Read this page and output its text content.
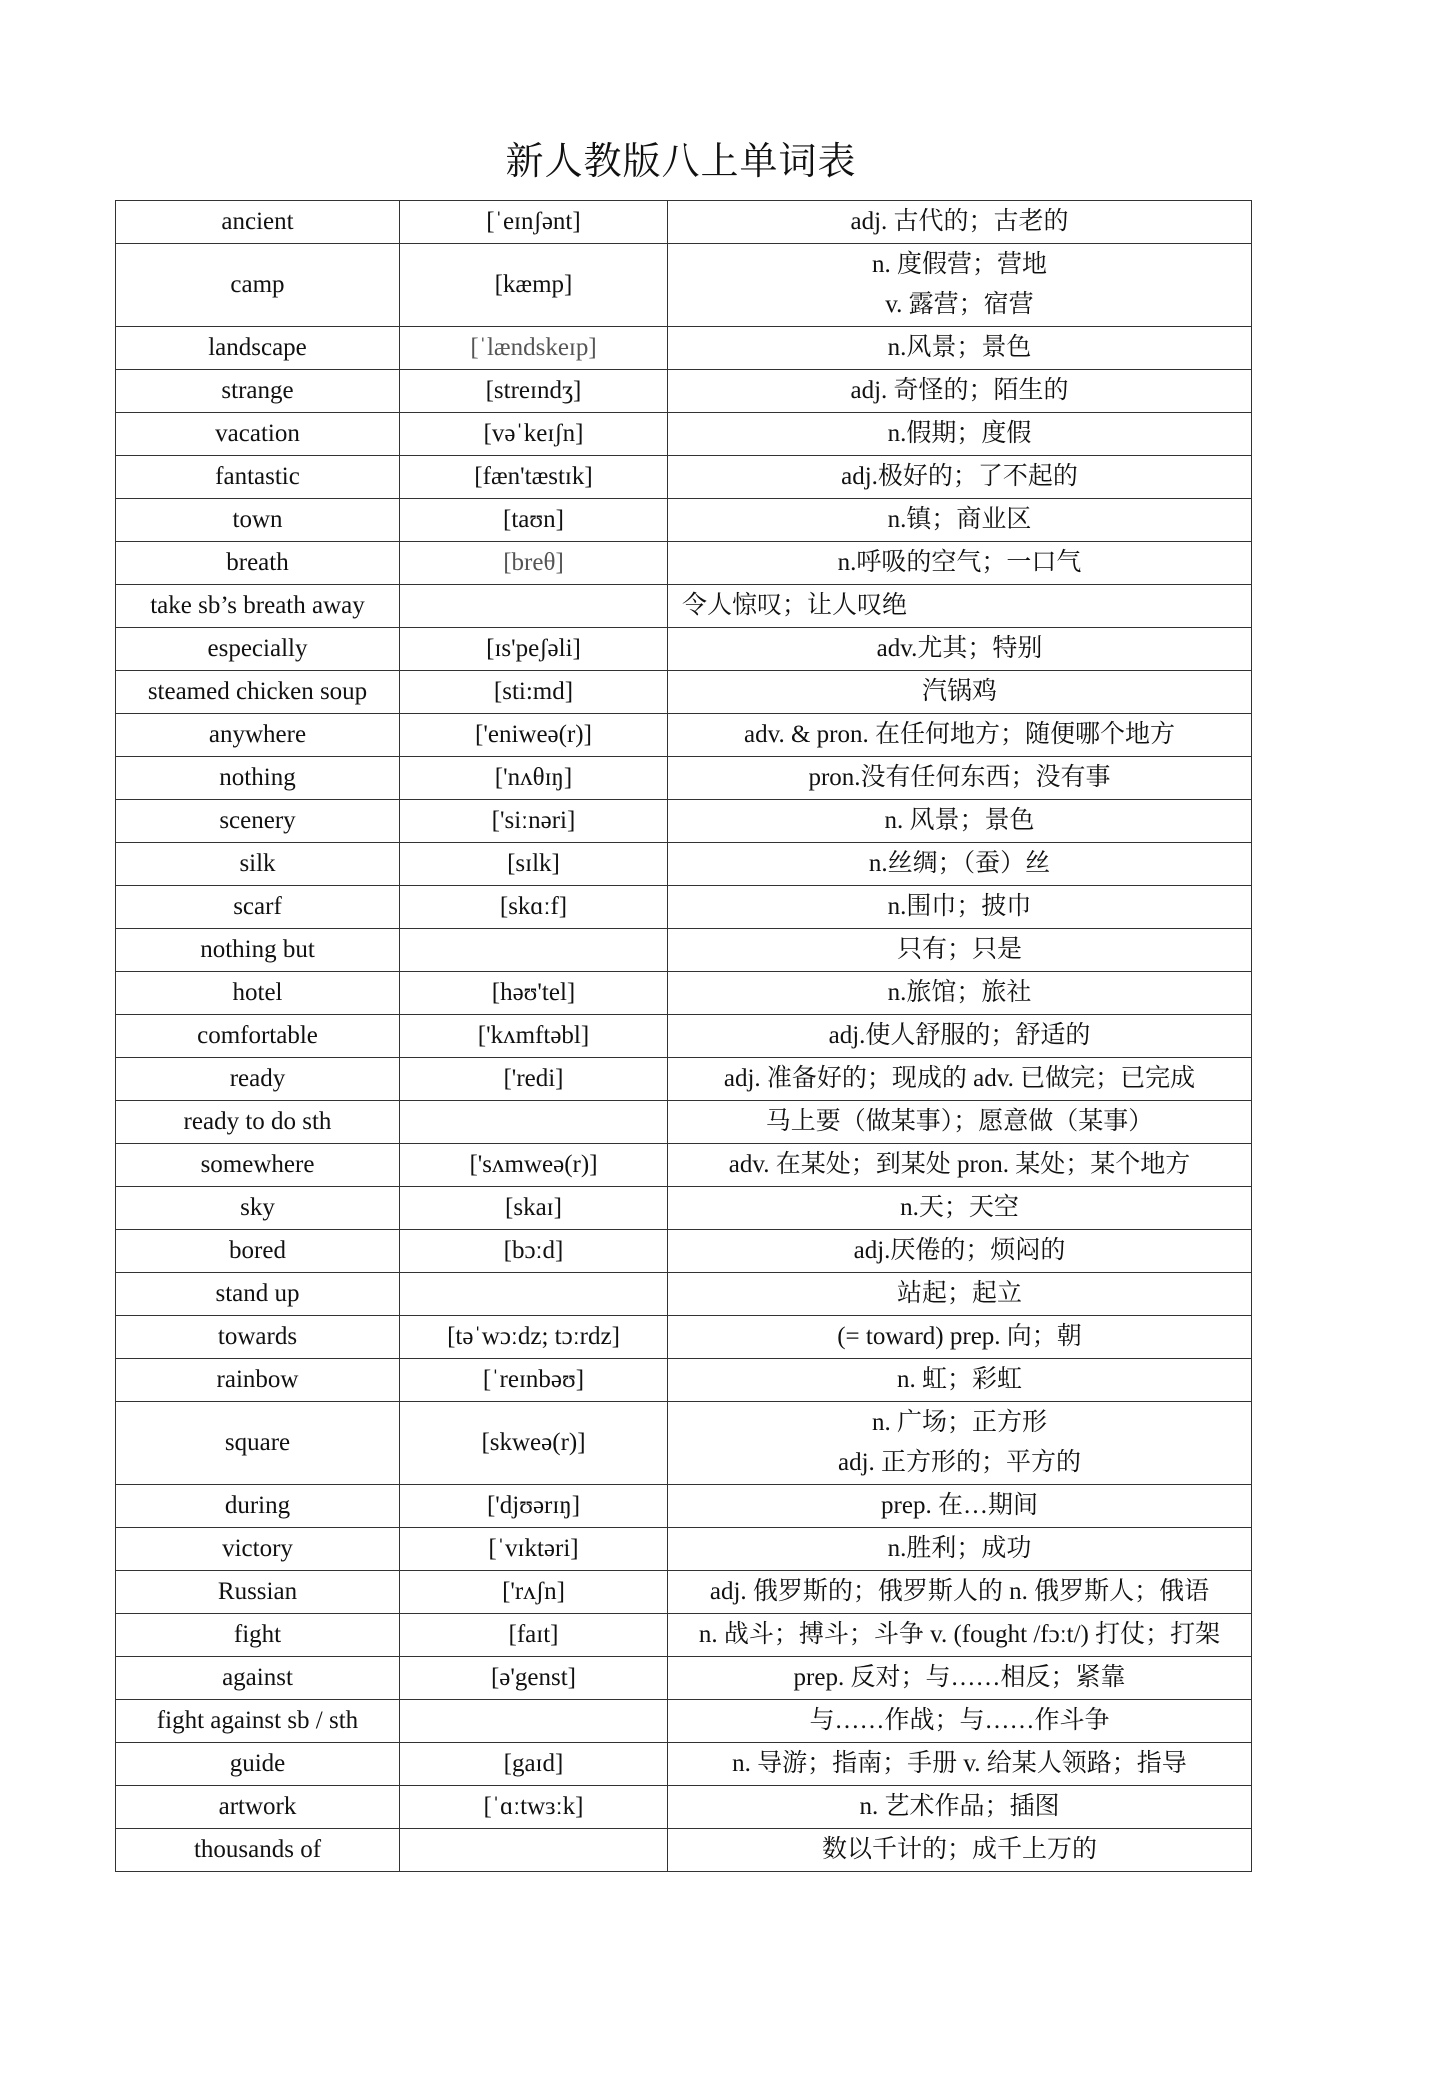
新人教版八上单词表
ancient	[ˈeɪnʃənt]	adj. 古代的；古老的

camp	[kæmp]	n. 度假营；营地
v. 露营；宿营

landscape	[ˈlændskeɪp]	n.风景；景色

strange	[streɪndʒ]	adj. 奇怪的；陌生的

vacation	[vəˈkeɪʃn]	n.假期；度假

fantastic	[fæn'tæstɪk]	adj.极好的；了不起的

town	[taʊn]	n.镇；商业区

breath	[breθ]	n.呼吸的空气；一口气

take sb’s breath away		令人惊叹；让人叹绝

especially	[ɪs'peʃəli]	adv.尤其；特别

steamed chicken soup	[sti:md]	汽锅鸡

anywhere	['eniweə(r)]	adv. & pron. 在任何地方；随便哪个地方

nothing	['nʌθɪŋ]	pron.没有任何东西；没有事

scenery	['siːnəri]	n. 风景；景色

silk	[sɪlk]	n.丝绸；（蚕）丝

scarf	[skɑːf]	n.围巾；披巾

nothing but		只有；只是

hotel	[həʊ'tel]	n.旅馆；旅社

comfortable	['kʌmftəbl]	adj.使人舒服的；舒适的

ready	['redi]	adj. 准备好的；现成的 adv. 已做完；已完成

ready to do sth		马上要（做某事）；愿意做（某事）

somewhere	['sʌmweə(r)]	adv. 在某处；到某处 pron. 某处；某个地方

sky	[skaɪ]	n.天；天空

bored	[bɔːd]	adj.厌倦的；烦闷的

stand up		站起；起立

towards	[təˈwɔːdz; tɔːrdz]	(= toward) prep. 向；朝

rainbow	[ˈreɪnbəʊ]	n. 虹；彩虹

square	[skweə(r)]	n. 广场；正方形
adj. 正方形的；平方的

during	['djʊərɪŋ]	prep. 在…期间

victory	[ˈvɪktəri]	n.胜利；成功

Russian	['rʌʃn]	adj. 俄罗斯的；俄罗斯人的 n. 俄罗斯人；俄语

fight	[faɪt]	n. 战斗；搏斗；斗争 v. (fought /fɔːt/) 打仗；打架

against	[ə'genst]	prep. 反对；与……相反；紧靠

fight against sb / sth		与……作战；与……作斗争

guide	[gaɪd]	n. 导游；指南；手册 v. 给某人领路；指导

artwork	[ˈɑːtwɜːk]	n. 艺术作品；插图

thousands of		数以千计的；成千上万的
